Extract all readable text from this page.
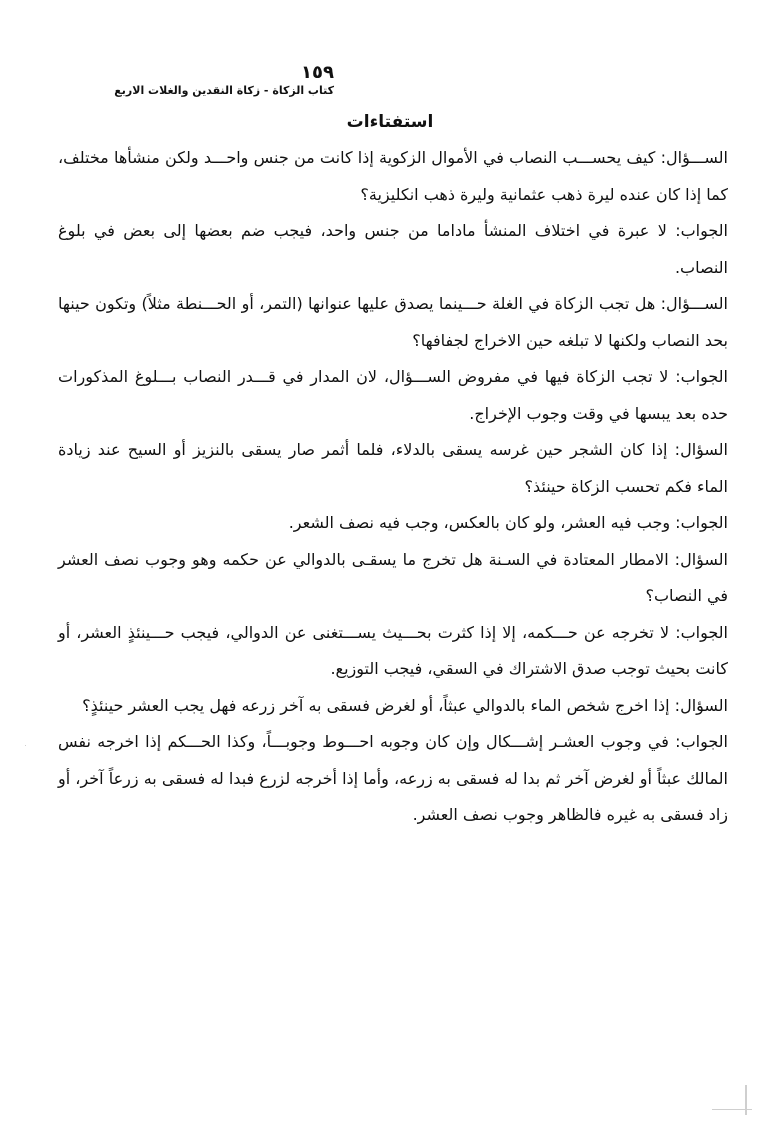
١٥٩
كتاب الزكاة - زكاة النقدين والغلات الاربع
استفتاءات

الســـؤال: كيف يحســـب النصاب في الأموال الزكوية إذا كانت من جنس واحـــد ولكن منشأها مختلف، كما إذا كان عنده ليرة ذهب عثمانية وليرة ذهب انكليزية؟

الجواب: لا عبرة في اختلاف المنشأ ماداما من جنس واحد، فيجب ضم بعضها إلى بعض في بلوغ النصاب.

الســـؤال: هل تجب الزكاة في الغلة حـــينما يصدق عليها عنوانها (التمر، أو الحـــنطة مثلاً) وتكون حينها بحد النصاب ولكنها لا تبلغه حين الاخراج لجفافها؟

الجواب: لا تجب الزكاة فيها في مفروض الســـؤال، لان المدار في قـــدر النصاب بـــلوغ المذكورات حده بعد يبسها في وقت وجوب الإخراج.

السؤال: إذا كان الشجر حين غرسه يسقى بالدلاء، فلما أثمر صار يسقى بالنزيز أو السيح عند زيادة الماء فكم تحسب الزكاة حينئذ؟

الجواب: وجب فيه العشر، ولو كان بالعكس، وجب فيه نصف الشعر.

السؤال: الامطار المعتادة في السـنة هل تخرج ما يسقـى بالدوالي عن حكمه وهو وجوب نصف العشر في النصاب؟

الجواب: لا تخرجه عن حـــكمه، إلا إذا كثرت بحـــيث يســـتغنى عن الدوالي، فيجب حـــينئذٍ العشر، أو كانت بحيث توجب صدق الاشتراك في السقي، فيجب التوزيع.

السؤال: إذا اخرج شخص الماء بالدوالي عبثاً، أو لغرض فسقى به آخر زرعه فهل يجب العشر حينئذٍ؟

الجواب: في وجوب العشـر إشـــكال وإن كان وجوبه احـــوط وجوبـــاً، وكذا الحـــكم إذا اخرجه نفس المالك عبثاً أو لغرض آخر ثم بدا له فسقى به زرعه، وأما إذا أخرجه لزرع فبدا له فسقى به زرعاً آخر، أو زاد فسقى به غيره فالظاهر وجوب نصف العشر.
